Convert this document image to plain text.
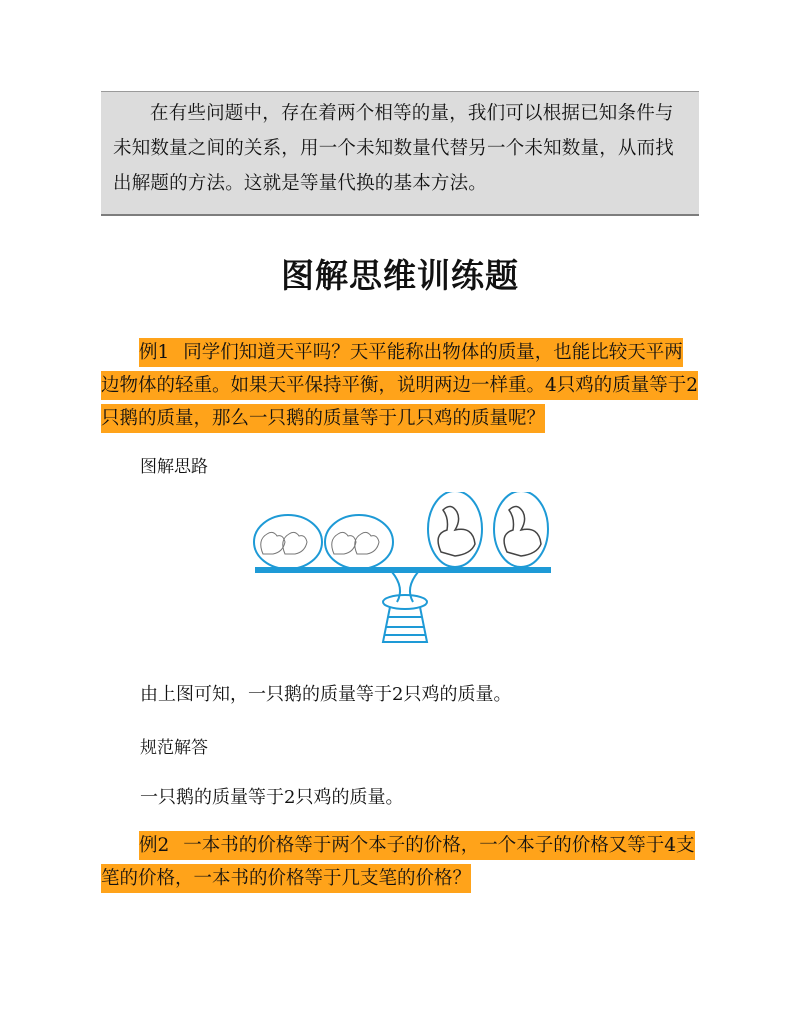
在有些问题中，存在着两个相等的量，我们可以根据已知条件与未知数量之间的关系，用一个未知数量代替另一个未知数量，从而找出解题的方法。这就是等量代换的基本方法。

图解思维训练题
例1 同学们知道天平吗？天平能称出物体的质量，也能比较天平两边物体的轻重。如果天平保持平衡，说明两边一样重。4只鸡的质量等于2只鹅的质量，那么一只鹅的质量等于几只鸡的质量呢？
图解思路
由上图可知，一只鹅的质量等于2只鸡的质量。
规范解答
一只鹅的质量等于2只鸡的质量。
例2 一本书的价格等于两个本子的价格，一个本子的价格又等于4支笔的价格，一本书的价格等于几支笔的价格？
